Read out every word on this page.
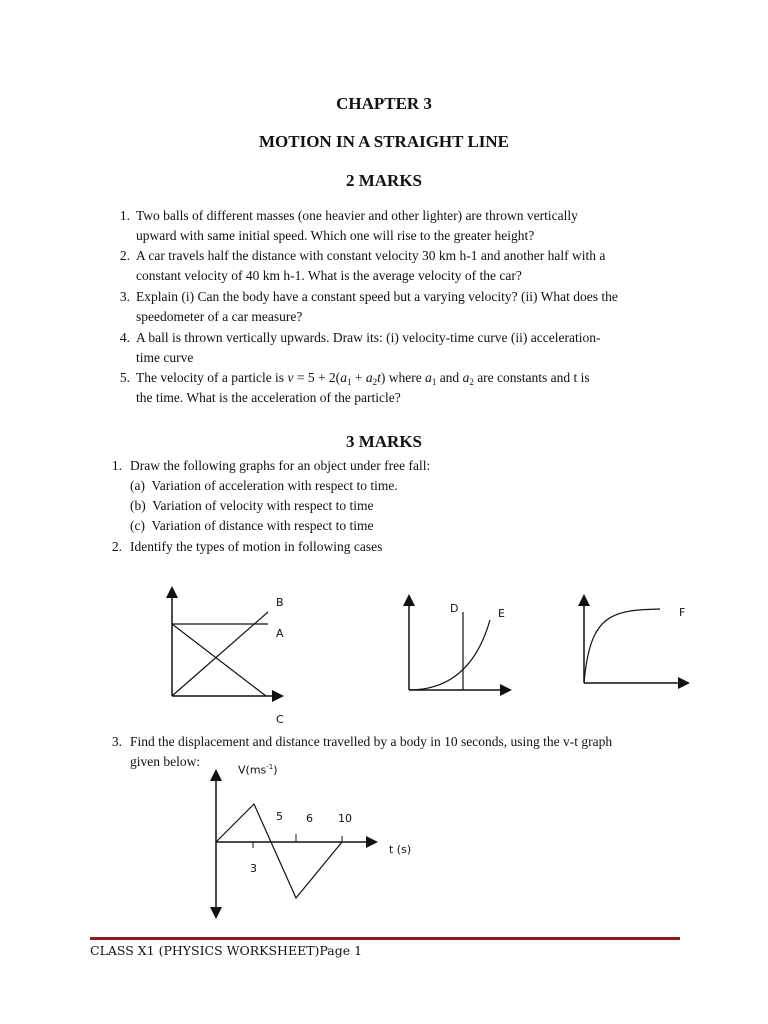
CHAPTER 3
MOTION IN A STRAIGHT LINE
2 MARKS
1. Two balls of different masses (one heavier and other lighter) are thrown vertically
upward with same initial speed. Which one will rise to the greater height?
2. A car travels half the distance with constant velocity 30 km h-1 and another half with a
constant velocity of 40 km h-1. What is the average velocity of the car?
3. Explain (i) Can the body have a constant speed but a varying velocity? (ii) What does the
speedometer of a car measure?
4. A ball is thrown vertically upwards. Draw its: (i) velocity-time curve (ii) acceleration-
time curve
5. The velocity of a particle is $v = 5 + 2(a_1 + a_2t)$ where $a_1$ and $a_2$ are constants and t is
the time. What is the acceleration of the particle?
3 MARKS
1. Draw the following graphs for an object under free fall:
(a) Variation of acceleration with respect to time.
(b) Variation of velocity with respect to time
(c) Variation of distance with respect to time
2. Identify the types of motion in following cases
B
A
C
D	E	F
3. Find the displacement and distance travelled by a body in 10 seconds, using the v-t graph
given below:
$V(ms^{-1})$
5 6 10
3
t (s)
CLASS X1 (PHYSICS WORKSHEET)Page 1
